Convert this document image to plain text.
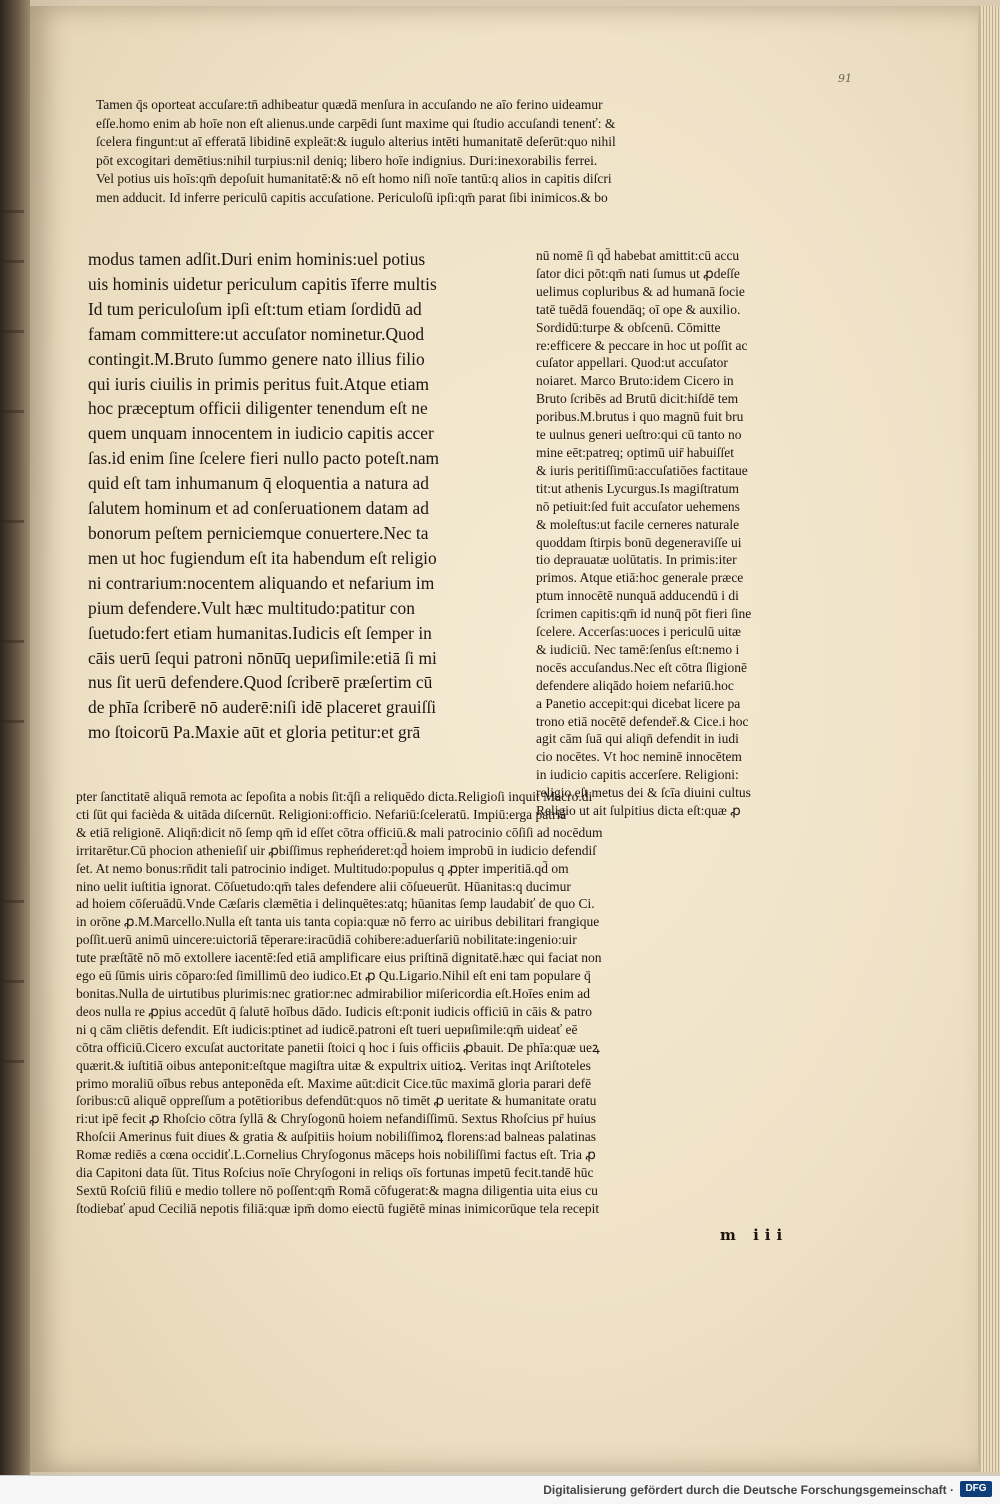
91
Tamen q̄s oporteat accuſare:tn̄ adhibeatur quædā menſura in accuſando ne aīo ferino uideamur
eſſe.homo enim ab hoīe non eſt alienus.unde carpēdi ſunt maxime qui ſtudio accuſandi tenenť: &
ſcelera fingunt:ut aī efferatā libidinē expleāt:& iugulo alterius intēti humanitatē deſerūt:quo nihil
pōt excogitari demētius:nihil turpius:nil deniq; libero hoīe indignius. Duri:inexorabilis ferrei.
Vel potius uis hoīs:qm̄ depoſuit humanitatē:& nō eſt homo niſi noīe tantū:q alios in capitis diſcri
men adducit. Id inferre periculū capitis accuſatione. Periculoſū ipſi:qm̄ parat ſibi inimicos.& bo
modus tamen adſit.Duri enim hominis:uel potius
uis hominis uidetur periculum capitis īferre multis
Id tum periculoſum ipſi eſt:tum etiam ſordidū ad
famam committere:ut accuſator nominetur.Quod
contingit.M.Bruto ſummo genere nato illius filio
qui iuris ciuilis in primis peritus fuit.Atque etiam
hoc præceptum officii diligenter tenendum eſt ne
quem unquam innocentem in iudicio capitis accer
ſas.id enim ſine ſcelere fieri nullo pacto poteſt.nam
quid eſt tam inhumanum q̄ eloquentia a natura ad
ſalutem hominum et ad conſeruationem datam ad
bonorum peſtem perniciemque conuertere.Nec ta
men ut hoc fugiendum eſt ita habendum eſt religio
ni contrarium:nocentem aliquando et nefarium im
pium defendere.Vult hæc multitudo:patitur con
ſuetudo:fert etiam humanitas.Iudicis eſt ſemper in
cāis uerū ſequi patroni nōnū̄q uериſimile:etiā ſi mi
nus ſit uerū defendere.Quod ſcriberē præſertim cū
de phīa ſcriberē nō auderē:niſi idē placeret grauiſſi
mo ſtoicorū Pa.Maxie aūt et gloria petitur:et grā
nū nomē ſi qd̄ habebat amittit:cū accu
ſator dici pōt:qm̄ nati ſumus ut ꝓdeſſe
uelimus copluribus & ad humanā ſocie
tatē tuēdā fouendāq; oī ope & auxilio.
Sordidū:turpe & obſcenū. Cōmitte
re:efficere & peccare in hoc ut poſſit ac
cuſator appellari. Quod:ut accuſator
noiaret. Marco Bruto:idem Cicero in
Bruto ſcribēs ad Brutū dicit:hiſdē tem
poribus.M.brutus i quo magnū fuit bru
te uulnus generi ueſtro:qui cū tanto no
mine eēt:patreq; optimū uir̄ habuiſſet
& iuris peritiſſimū:accuſatiōes factitaue
tit:ut athenis Lycurgus.Is magiſtratum
nō petiuit:ſed fuit accuſator uehemens
& moleſtus:ut facile cerneres naturale
quoddam ſtirpis bonū degeneraviſſe ui
tio deprauatæ uolūtatis. In primis:iter
primos. Atque etiā:hoc generale præce
ptum innocētē nunquā adducendū i di
ſcrimen capitis:qm̄ id nunq̄ pōt fieri ſine
ſcelere. Accerſas:uoces i periculū uitæ
& iudiciū. Nec tamē:ſenſus eſt:nemo i
nocēs accuſandus.Nec eſt cōtra ſligionē
defendere aliqādo hoiem nefariū.hoc
a Panetio accepit:qui dicebat licere pa
trono etiā nocētē defendeř.& Cice.i hoc
agit cām ſuā qui aliqn̄ defendit in iudi
cio nocētes. Vt hoc neminē innocētem
in iudicio capitis accerſere. Religioni:
religio eſt metus dei & ſcīa diuini cultus
Religio ut ait ſulpitius dicta eſt:quæ ꝓ
pter ſanctitatē aliquā remota ac ſepoſita a nobis ſit:q̄ſi a reliquēdo dicta.Religioſi inquit Macro.di
cti ſūt qui facièda & uitāda diſcernūt. Religioni:officio. Nefariū:ſceleratū. Impiū:erga patriā
& etiā religionē. Aliqn̄:dicit nō ſemp qm̄ id eſſet cōtra officiū.& mali patrocinio cōſiſi ad nocēdum
irritarētur.Cū phocion athenieſiſ uir ꝓbiſſimus repheńderet:qd̄ hoiem improbū in iudicio defendiſ
ſet. At nemo bonus:rn̄dit tali patrocinio indiget. Multitudo:populus q ꝓpter imperitiā.qd̄ om
nino uelit iuſtitia ignorat. Cōſuetudo:qm̄ tales defendere alii cōſueuerūt. Hūanitas:q ducimur
ad hoiem cōſeruādū.Vnde Cæſaris clæmētia i delinquētes:atq; hūanitas ſemp laudabiť de quo Ci.
in orōne ꝓ.M.Marcello.Nulla eſt tanta uis tanta copia:quæ nō ferro ac uiribus debilitari frangique
poſſit.uerū animū uincere:uictoriā tēperare:iracūdiā cohibere:aduerſariū nobilitate:ingenio:uir
tute præſtātē nō mō extollere iacentē:ſed etiā amplificare eius priſtinā dignitatē.hæc qui faciat non
ego eū ſūmis uiris cōparo:ſed ſimillimū deo iudico.Et ꝓ Qu.Ligario.Nihil eſt eni tam populare q̄
bonitas.Nulla de uirtutibus plurimis:nec gratior:nec admirabilior miſericordia eſt.Hoīes enim ad
deos nulla re ꝓpius accedūt q̄ ſalutē hoībus dādo. Iudicis eſt:ponit iudicis officiū in cāis & patro
ni q cām cliētis defendit. Eſt iudicis:ptinet ad iudicē.patroni eſt tueri uериſimile:qm̄ uideať eē
cōtra officiū.Cicero excuſat auctoritate panetii ſtoici q hoc i ſuis officiis ꝓbauit. De phīa:quæ ueꝝ
quærit.& iuſtitiā oibus anteponit:eſtque magiſtra uitæ & expultrix uitioꝝ. Veritas inqt Ariſtoteles
primo moraliū oībus rebus anteponēda eſt. Maxime aūt:dicit Cice.tūc maximā gloria parari defē
ſoribus:cū aliquē oppreſſum a potētioribus defendūt:quos nō timēt ꝓ ueritate & humanitate oratu
ri:ut ipē fecit ꝓ Rhoſcio cōtra ſyllā & Chryſogonū hoiem nefandiſſimū. Sextus Rhoſcius pr̄ huius
Rhoſcii Amerinus fuit diues & gratia & auſpitiis hoium nobiliſſimoꝝ florens:ad balneas palatinas
Romæ rediēs a cœna occidiť.L.Cornelius Chryſogonus māceps hois nobiliſſimi factus eſt. Tria ꝓ
dia Capitoni data ſūt. Titus Roſcius noīe Chryſogoni in reliqs oīs fortunas impetū fecit.tandē hūc
Sextū Roſciū filiū e medio tollere nō poſſent:qm̄ Romā cōfugerat:& magna diligentia uita eius cu
ſtodiebať apud Ceciliā nepotis filiā:quæ ipm̄ domo eiectū fugiētē minas inimicorūque tela recepit
m iii
Digitalisierung gefördert durch die Deutsche Forschungsgemeinschaft ·	DFG
